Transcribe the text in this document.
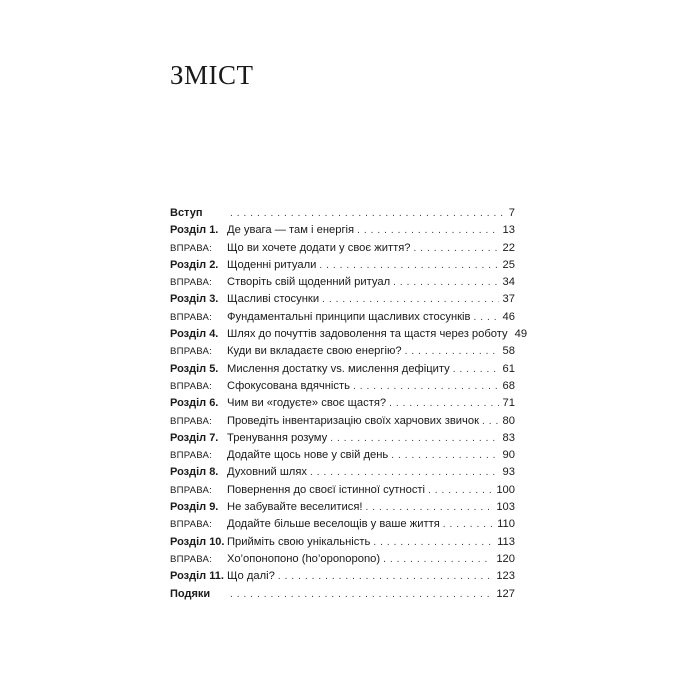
ЗМІСТ
Вступ . . .	7
Розділ 1. Де увага — там і енергія . . .	13
ВПРАВА:	Що ви хочете додати у своє життя? . . .	22
Розділ 2. Щоденні ритуали . . .	25
ВПРАВА:	Створіть свій щоденний ритуал . . .	34
Розділ 3. Щасливі стосунки . . .	37
ВПРАВА:	Фундаментальні принципи щасливих стосунків . . .	46
Розділ 4. Шлях до почуттів задоволення та щастя через роботу 49
ВПРАВА:	Куди ви вкладаєте свою енергію? . . .	58
Розділ 5. Мислення достатку vs. мислення дефіциту . . .	61
ВПРАВА:	Сфокусована вдячність . . .	68
Розділ 6. Чим ви «годуєте» своє щастя? . . .	71
ВПРАВА:	Проведіть інвентаризацію своїх харчових звичок . . .	80
Розділ 7. Тренування розуму . . .	83
ВПРАВА:	Додайте щось нове у свій день . . .	90
Розділ 8. Духовний шлях . . .	93
ВПРАВА:	Повернення до своєї істинної сутності . . .	100
Розділ 9. Не забувайте веселитися! . . .	103
ВПРАВА:	Додайте більше веселощів у ваше життя . . .	110
Розділ 10. Прийміть свою унікальність . . .	113
ВПРАВА:	Хо’опонопоно (ho’oponopono) . . .	120
Розділ 11. Що далі? . . .	123
Подяки . . .	127
